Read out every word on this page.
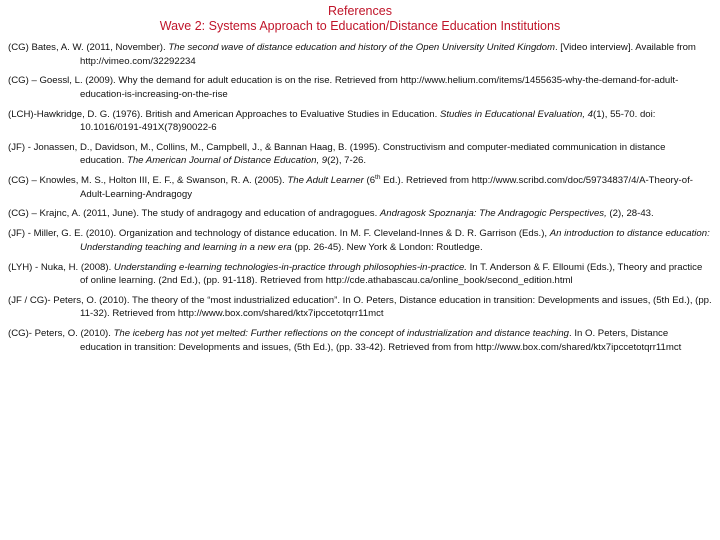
References
Wave 2: Systems Approach to Education/Distance Education Institutions

(CG) Bates, A. W. (2011, November). The second wave of distance education and history of the Open University United Kingdom. [Video interview]. Available from http://vimeo.com/32292234

(CG) – Goessl, L. (2009). Why the demand for adult education is on the rise. Retrieved from http://www.helium.com/items/1455635-why-the-demand-for-adult-education-is-increasing-on-the-rise

(LCH)-Hawkridge, D. G. (1976). British and American Approaches to Evaluative Studies in Education. Studies in Educational Evaluation, 4(1), 55-70. doi: 10.1016/0191-491X(78)90022-6

(JF) - Jonassen, D., Davidson, M., Collins, M., Campbell, J., & Bannan Haag, B. (1995). Constructivism and computer-mediated communication in distance education. The American Journal of Distance Education, 9(2), 7-26.

(CG) – Knowles, M. S., Holton III, E. F., & Swanson, R. A. (2005). The Adult Learner (6th Ed.). Retrieved from http://www.scribd.com/doc/59734837/4/A-Theory-of-Adult-Learning-Andragogy

(CG) – Krajnc, A. (2011, June). The study of andragogy and education of andragogues. Andragosk Spoznanja: The Andragogic Perspectives, (2), 28-43.

(JF) - Miller, G. E. (2010). Organization and technology of distance education. In M. F. Cleveland-Innes & D. R. Garrison (Eds.), An introduction to distance education: Understanding teaching and learning in a new era (pp. 26-45). New York & London: Routledge.

(LYH) - Nuka, H. (2008). Understanding e-learning technologies-in-practice through philosophies-in-practice. In T. Anderson & F. Elloumi (Eds.), Theory and practice of online learning. (2nd Ed.), (pp. 91-118). Retrieved from http://cde.athabascau.ca/online_book/second_edition.html

(JF / CG)- Peters, O. (2010). The theory of the “most industrialized education”. In O. Peters, Distance education in transition: Developments and issues, (5th Ed.), (pp. 11-32). Retrieved from http://www.box.com/shared/ktx7ipccetotqrr11mct

(CG)- Peters, O. (2010). The iceberg has not yet melted: Further reflections on the concept of industrialization and distance teaching. In O. Peters, Distance education in transition: Developments and issues, (5th Ed.), (pp. 33-42). Retrieved from from http://www.box.com/shared/ktx7ipccetotqrr11mct
